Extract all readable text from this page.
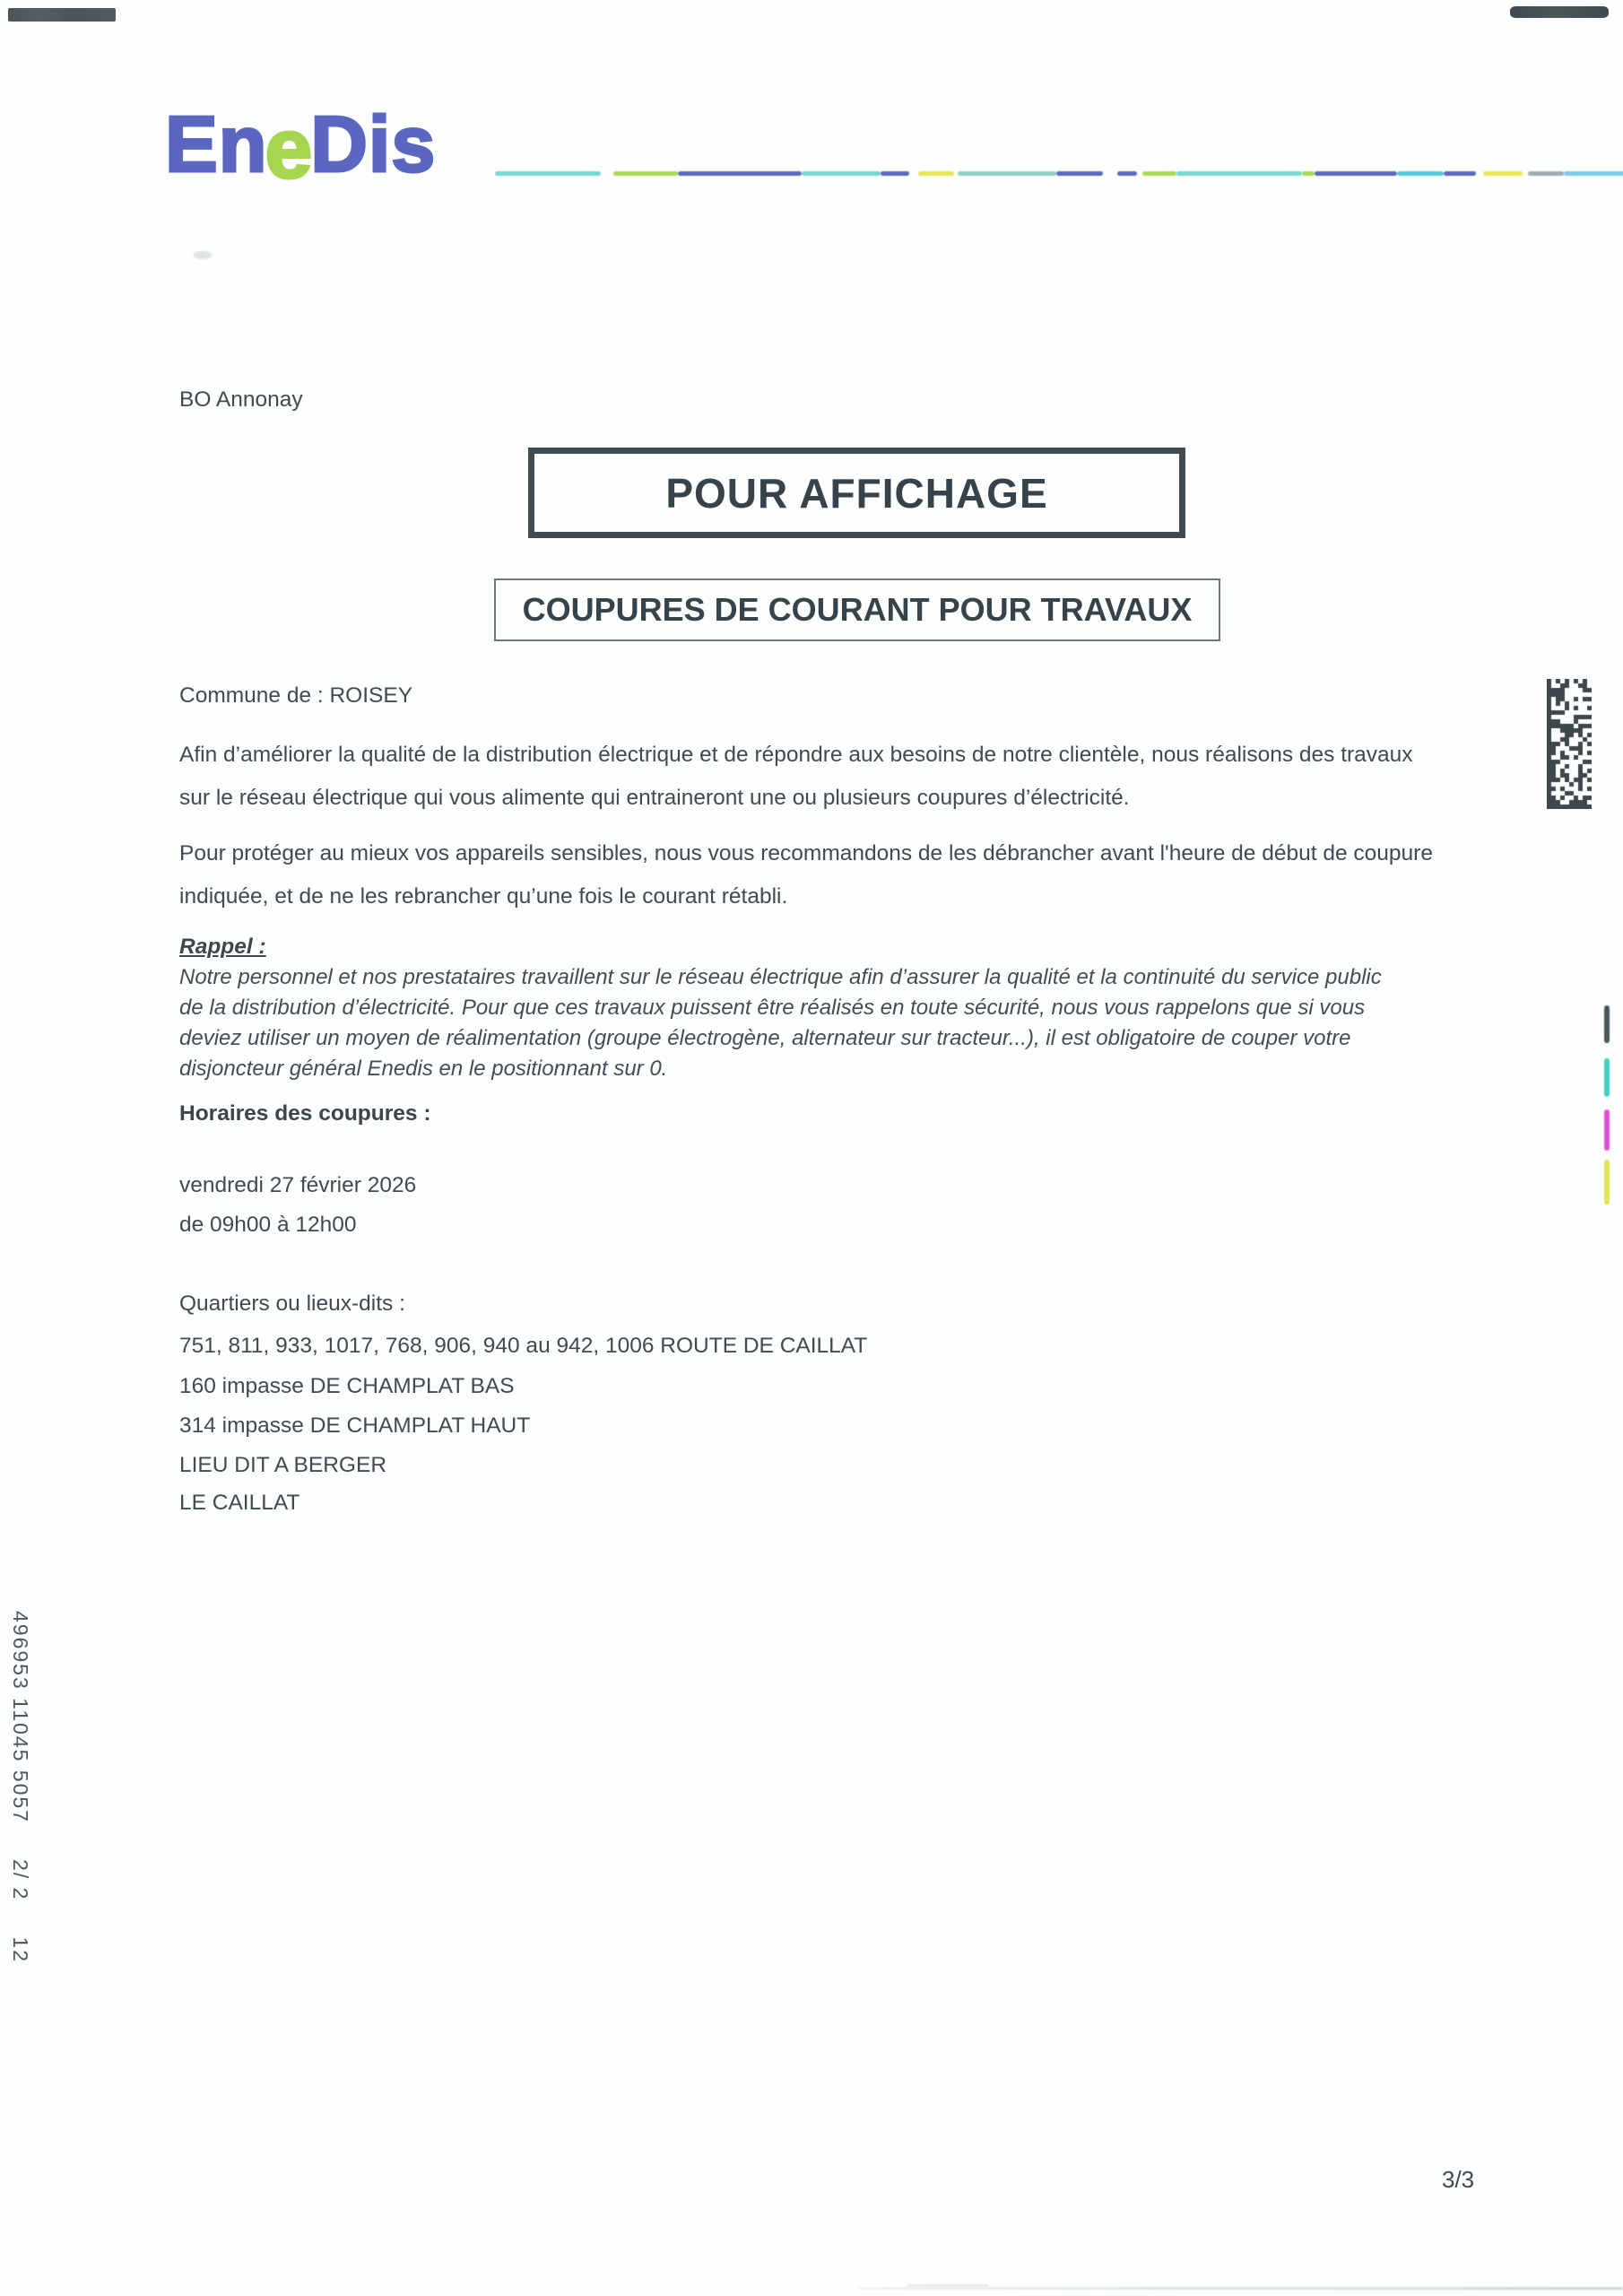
EneDis
BO Annonay
POUR AFFICHAGE
COUPURES DE COURANT POUR TRAVAUX
Commune de : ROISEY
Afin d’améliorer la qualité de la distribution électrique et de répondre aux besoins de notre clientèle, nous réalisons des travaux
sur le réseau électrique qui vous alimente qui entraineront une ou plusieurs coupures d’électricité.
Pour protéger au mieux vos appareils sensibles, nous vous recommandons de les débrancher avant l'heure de début de coupure
indiquée, et de ne les rebrancher qu’une fois le courant rétabli.
Rappel :
Notre personnel et nos prestataires travaillent sur le réseau électrique afin d’assurer la qualité et la continuité du service public
de la distribution d’électricité. Pour que ces travaux puissent être réalisés en toute sécurité, nous vous rappelons que si vous
deviez utiliser un moyen de réalimentation (groupe électrogène, alternateur sur tracteur...), il est obligatoire de couper votre
disjoncteur général Enedis en le positionnant sur 0.
Horaires des coupures :
vendredi 27 février 2026
de 09h00 à 12h00
Quartiers ou lieux-dits :
751, 811, 933, 1017, 768, 906, 940 au 942, 1006 ROUTE DE CAILLAT
160 impasse DE CHAMPLAT BAS
314 impasse DE CHAMPLAT HAUT
LIEU DIT A BERGER
LE CAILLAT
496953 11045 5057
2/ 2
12
3/3
